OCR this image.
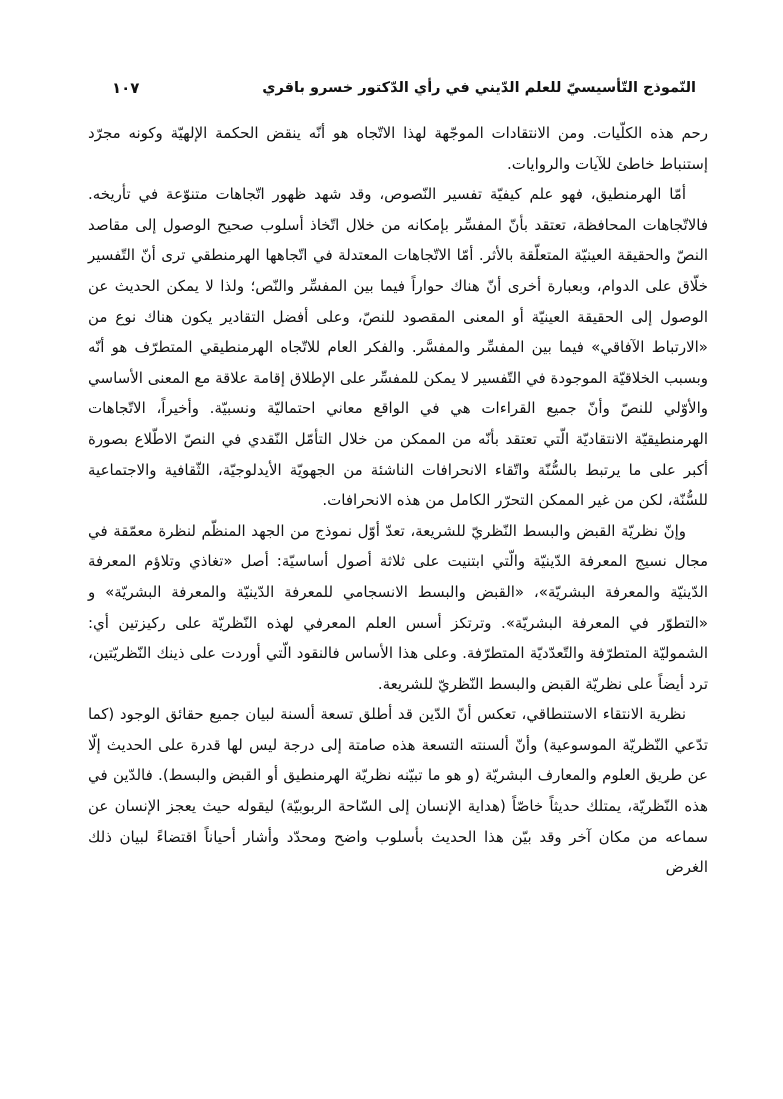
النّموذج التّأسيسيّ للعلم الدّيني في رأي الدّكتور خسرو باقري
١٠٧

رحم هذه الكلّيات. ومن الانتقادات الموجّهة لهذا الاتّجاه هو أنّه ينقض الحكمة الإلهيّة وكونه مجرّد إستنباط خاطئ للآيات والروايات.

أمّا الهرمنطيق، فهو علم كيفيّة تفسير النّصوص، وقد شهد ظهور اتّجاهات متنوّعة في تأريخه. فالاتّجاهات المحافظة، تعتقد بأنّ المفسِّر بإمكانه من خلال اتّخاذ أسلوب صحيح الوصول إلى مقاصد النصّ والحقيقة العينيّة المتعلّقة بالأثر. أمّا الاتّجاهات المعتدلة في اتّجاهها الهرمنطقي ترى أنّ التّفسير خلّاق على الدوام، وبعبارة أخرى أنّ هناك حواراً فيما بين المفسِّر والنّص؛ ولذا لا يمكن الحديث عن الوصول إلى الحقيقة العينيّة أو المعنى المقصود للنصّ، وعلى أفضل التقادير يكون هناك نوع من «الارتباط الآفاقي» فيما بين المفسِّر والمفسَّر. والفكر العام للاتّجاه الهرمنطيقي المتطرّف هو أنّه وبسبب الخلاقيّة الموجودة في التّفسير لا يمكن للمفسِّر على الإطلاق إقامة علاقة مع المعنى الأساسي والأوّلي للنصّ وأنّ جميع القراءات هي في الواقع معاني احتماليّة ونسبيّة. وأخيراً، الاتّجاهات الهرمنطيقيّة الانتقاديّة الّتي تعتقد بأنّه من الممكن من خلال التأمّل النّقدي في النصّ الاطّلاع بصورة أكبر على ما يرتبط بالسُّنّة واتّقاء الانحرافات الناشئة من الجهويّة الأيدلوجيّة، الثّقافية والاجتماعية للسُّنّة، لكن من غير الممكن التحرّر الكامل من هذه الانحرافات.

وإنّ نظريّة القبض والبسط النّظريّ للشريعة، تعدّ أوّل نموذج من الجهد المنظّم لنظرة معمّقة في مجال نسيج المعرفة الدّينيّة والّتي ابتنيت على ثلاثة أصول أساسيّة: أصل «تغاذي وتلاؤم المعرفة الدّينيّة والمعرفة البشريّة»، «القبض والبسط الانسجامي للمعرفة الدّينيّة والمعرفة البشريّة» و «التطوّر في المعرفة البشريّة». وترتكز أسس العلم المعرفي لهذه النّظريّة على ركيزتين أي: الشموليّة المتطرّفة والتّعدّديّة المتطرّفة. وعلى هذا الأساس فالنقود الّتي أوردت على ذينك النّظريّتين، ترد أيضاً على نظريّة القبض والبسط النّظريّ للشريعة.

نظرية الانتقاء الاستنطاقي، تعكس أنّ الدّين قد أطلق تسعة ألسنة لبيان جميع حقائق الوجود (كما تدّعي النّظريّة الموسوعية) وأنّ ألسنته التسعة هذه صامتة إلى درجة ليس لها قدرة على الحديث إلّا عن طريق العلوم والمعارف البشريّة (و هو ما تبيّنه نظريّة الهرمنطيق أو القبض والبسط). فالدّين في هذه النّظريّة، يمتلك حديثاً خاصّاً (هداية الإنسان إلى السّاحة الربوبيّة) ليقوله حيث يعجز الإنسان عن سماعه من مكان آخر وقد بيّن هذا الحديث بأسلوب واضح ومحدّد وأشار أحياناً اقتضاءً لبيان ذلك الغرض
